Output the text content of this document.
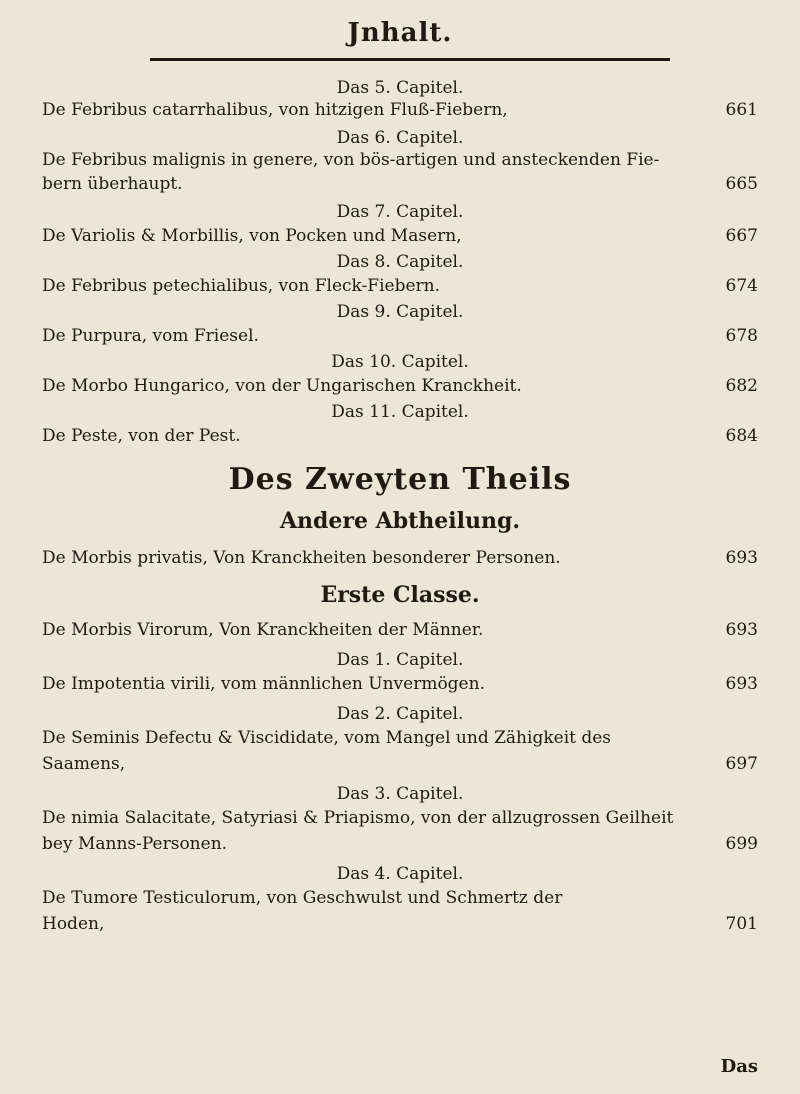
Jnhalt.
Das 5. Capitel.
De Febribus catarrhalibus, von hitzigen Fluß-Fiebern,	661
Das 6. Capitel.
De Febribus malignis in genere, von bös-artigen und ansteckenden Fie-
bern überhaupt.	665
Das 7. Capitel.
De Variolis & Morbillis, von Pocken und Masern,	667
Das 8. Capitel.
De Febribus petechialibus, von Fleck-Fiebern.	674
Das 9. Capitel.
De Purpura, vom Friesel.	678
Das 10. Capitel.
De Morbo Hungarico, von der Ungarischen Kranckheit.	682
Das 11. Capitel.
De Peste, von der Pest.	684
Des Zweyten Theils
Andere Abtheilung.
De Morbis privatis, Von Kranckheiten besonderer Personen.	693
Erste Classe.
De Morbis Virorum, Von Kranckheiten der Männer.	693
Das 1. Capitel.
De Impotentia virili, vom männlichen Unvermögen.	693
Das 2. Capitel.
De Seminis Defectu & Viscididate, vom Mangel und Zähigkeit des
Saamens,	697
Das 3. Capitel.
De nimia Salacitate, Satyriasi & Priapismo, von der allzugrossen Geilheit
bey Manns-Personen.	699
Das 4. Capitel.
De Tumore Testiculorum, von Geschwulst und Schmertz der
Hoden,	701
Das
